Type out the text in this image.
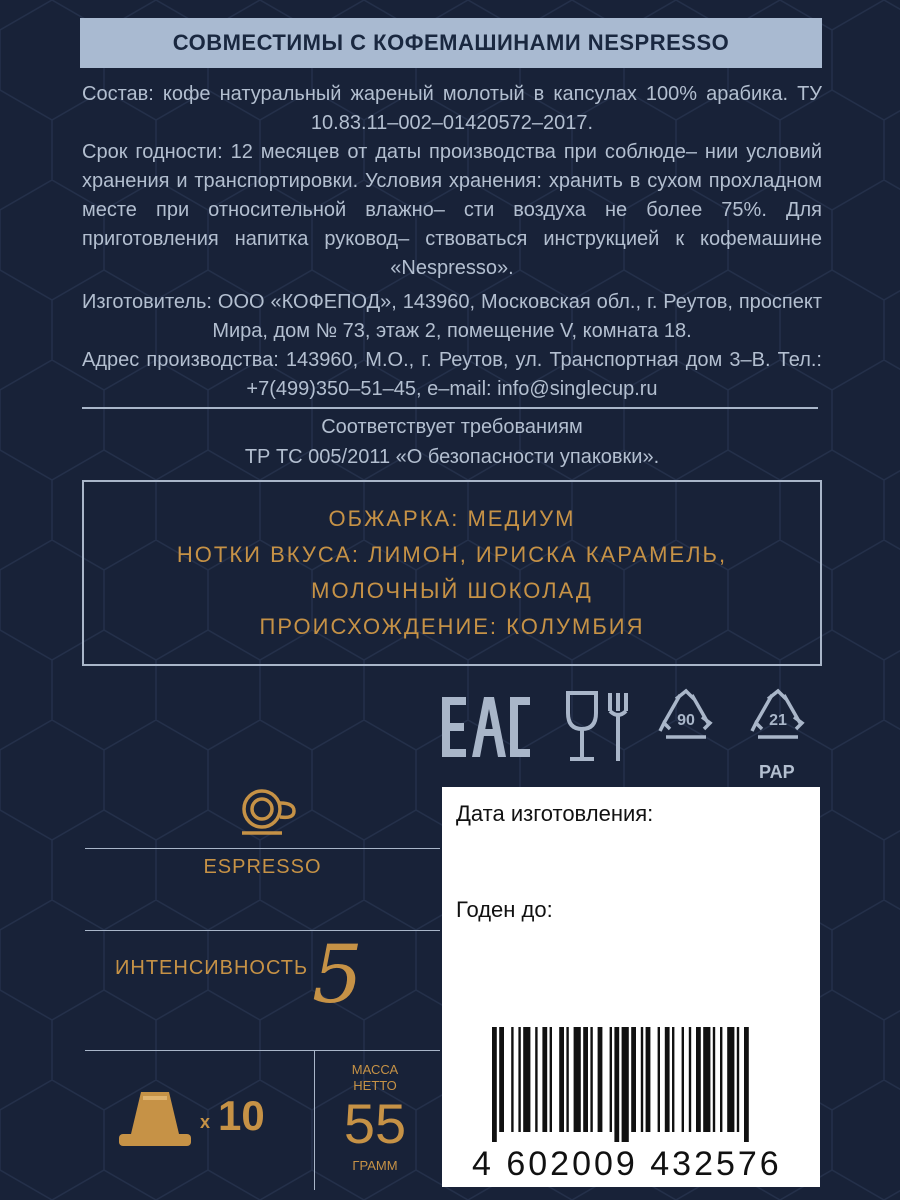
СОВМЕСТИМЫ С КОФЕМАШИНАМИ NESPRESSO

Состав: кофе натуральный жареный молотый в капсулах 100% арабика. ТУ 10.83.11–002–01420572–2017.

Срок годности: 12 месяцев от даты производства при соблюде– нии условий хранения и транспортировки. Условия хранения: хранить в сухом прохладном месте при относительной влажно– сти воздуха не более 75%. Для приготовления напитка руковод– ствоваться инструкцией к кофемашине «Nespresso».

Изготовитель: ООО «КОФЕПОД», 143960, Московская обл., г. Реутов, проспект Мира, дом № 73, этаж 2, помещение V, комната 18.

Адрес производства: 143960, М.О., г. Реутов, ул. Транспортная дом 3–В. Тел.: +7(499)350–51–45, e–mail: info@singlecup.ru

Соответствует требованиям
ТР ТС 005/2011 «О безопасности упаковки».
ОБЖАРКА: МЕДИУМ
НОТКИ ВКУСА: ЛИМОН, ИРИСКА КАРАМЕЛЬ,
МОЛОЧНЫЙ ШОКОЛАД
ПРОИСХОЖДЕНИЕ: КОЛУМБИЯ
90	21
PAP
ESPRESSO
ИНТЕНСИВНОСТЬ 5
x 10
МАССА НЕТТО
55
ГРАММ
Дата изготовления:
Годен до:
4 602009 432576
